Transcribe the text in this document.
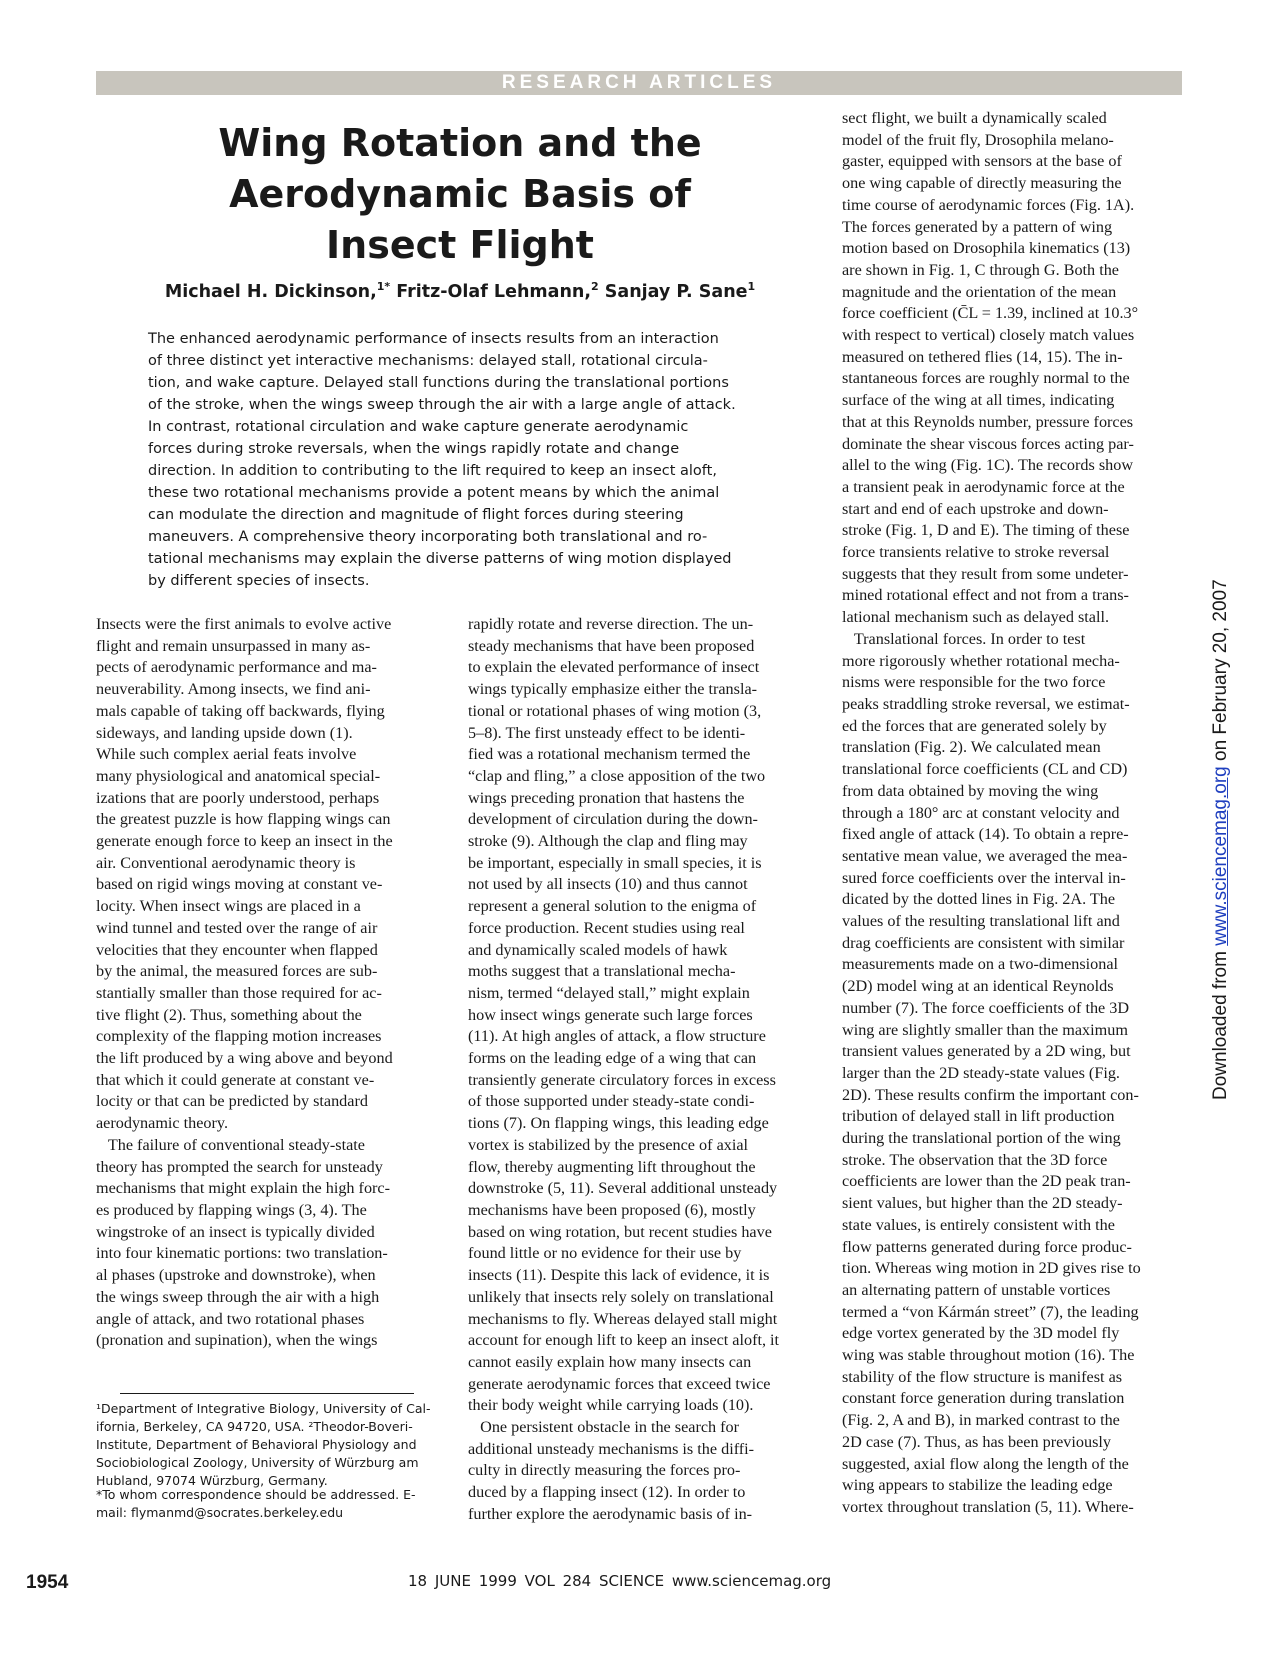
RESEARCH ARTICLES
Wing Rotation and the
Aerodynamic Basis of
Insect Flight
Michael H. Dickinson,$^{1*}$ Fritz-Olaf Lehmann,$^2$ Sanjay P. Sane$^1$
The enhanced aerodynamic performance of insects results from an interaction
of three distinct yet interactive mechanisms: delayed stall, rotational circula-
tion, and wake capture. Delayed stall functions during the translational portions
of the stroke, when the wings sweep through the air with a large angle of attack.
In contrast, rotational circulation and wake capture generate aerodynamic
forces during stroke reversals, when the wings rapidly rotate and change
direction. In addition to contributing to the lift required to keep an insect aloft,
these two rotational mechanisms provide a potent means by which the animal
can modulate the direction and magnitude of flight forces during steering
maneuvers. A comprehensive theory incorporating both translational and ro-
tational mechanisms may explain the diverse patterns of wing motion displayed
by different species of insects.
Insects were the first animals to evolve active
flight and remain unsurpassed in many as-
pects of aerodynamic performance and ma-
neuverability. Among insects, we find ani-
mals capable of taking off backwards, flying
sideways, and landing upside down (1).
While such complex aerial feats involve
many physiological and anatomical special-
izations that are poorly understood, perhaps
the greatest puzzle is how flapping wings can
generate enough force to keep an insect in the
air. Conventional aerodynamic theory is
based on rigid wings moving at constant ve-
locity. When insect wings are placed in a
wind tunnel and tested over the range of air
velocities that they encounter when flapped
by the animal, the measured forces are sub-
stantially smaller than those required for ac-
tive flight (2). Thus, something about the
complexity of the flapping motion increases
the lift produced by a wing above and beyond
that which it could generate at constant ve-
locity or that can be predicted by standard
aerodynamic theory.
The failure of conventional steady-state
theory has prompted the search for unsteady
mechanisms that might explain the high forc-
es produced by flapping wings (3, 4). The
wingstroke of an insect is typically divided
into four kinematic portions: two translation-
al phases (upstroke and downstroke), when
the wings sweep through the air with a high
angle of attack, and two rotational phases
(pronation and supination), when the wings
rapidly rotate and reverse direction. The un-
steady mechanisms that have been proposed
to explain the elevated performance of insect
wings typically emphasize either the transla-
tional or rotational phases of wing motion (3,
5–8). The first unsteady effect to be identi-
fied was a rotational mechanism termed the
“clap and fling,” a close apposition of the two
wings preceding pronation that hastens the
development of circulation during the down-
stroke (9). Although the clap and fling may
be important, especially in small species, it is
not used by all insects (10) and thus cannot
represent a general solution to the enigma of
force production. Recent studies using real
and dynamically scaled models of hawk
moths suggest that a translational mecha-
nism, termed “delayed stall,” might explain
how insect wings generate such large forces
(11). At high angles of attack, a flow structure
forms on the leading edge of a wing that can
transiently generate circulatory forces in excess
of those supported under steady-state condi-
tions (7). On flapping wings, this leading edge
vortex is stabilized by the presence of axial
flow, thereby augmenting lift throughout the
downstroke (5, 11). Several additional unsteady
mechanisms have been proposed (6), mostly
based on wing rotation, but recent studies have
found little or no evidence for their use by
insects (11). Despite this lack of evidence, it is
unlikely that insects rely solely on translational
mechanisms to fly. Whereas delayed stall might
account for enough lift to keep an insect aloft, it
cannot easily explain how many insects can
generate aerodynamic forces that exceed twice
their body weight while carrying loads (10).
One persistent obstacle in the search for
additional unsteady mechanisms is the diffi-
culty in directly measuring the forces pro-
duced by a flapping insect (12). In order to
further explore the aerodynamic basis of in-
sect flight, we built a dynamically scaled
model of the fruit fly, Drosophila melano-
gaster, equipped with sensors at the base of
one wing capable of directly measuring the
time course of aerodynamic forces (Fig. 1A).
The forces generated by a pattern of wing
motion based on Drosophila kinematics (13)
are shown in Fig. 1, C through G. Both the
magnitude and the orientation of the mean
force coefficient (C̄L = 1.39, inclined at 10.3°
with respect to vertical) closely match values
measured on tethered flies (14, 15). The in-
stantaneous forces are roughly normal to the
surface of the wing at all times, indicating
that at this Reynolds number, pressure forces
dominate the shear viscous forces acting par-
allel to the wing (Fig. 1C). The records show
a transient peak in aerodynamic force at the
start and end of each upstroke and down-
stroke (Fig. 1, D and E). The timing of these
force transients relative to stroke reversal
suggests that they result from some undeter-
mined rotational effect and not from a trans-
lational mechanism such as delayed stall.
Translational forces. In order to test
more rigorously whether rotational mecha-
nisms were responsible for the two force
peaks straddling stroke reversal, we estimat-
ed the forces that are generated solely by
translation (Fig. 2). We calculated mean
translational force coefficients (CL and CD)
from data obtained by moving the wing
through a 180° arc at constant velocity and
fixed angle of attack (14). To obtain a repre-
sentative mean value, we averaged the mea-
sured force coefficients over the interval in-
dicated by the dotted lines in Fig. 2A. The
values of the resulting translational lift and
drag coefficients are consistent with similar
measurements made on a two-dimensional
(2D) model wing at an identical Reynolds
number (7). The force coefficients of the 3D
wing are slightly smaller than the maximum
transient values generated by a 2D wing, but
larger than the 2D steady-state values (Fig.
2D). These results confirm the important con-
tribution of delayed stall in lift production
during the translational portion of the wing
stroke. The observation that the 3D force
coefficients are lower than the 2D peak tran-
sient values, but higher than the 2D steady-
state values, is entirely consistent with the
flow patterns generated during force produc-
tion. Whereas wing motion in 2D gives rise to
an alternating pattern of unstable vortices
termed a “von Kármán street” (7), the leading
edge vortex generated by the 3D model fly
wing was stable throughout motion (16). The
stability of the flow structure is manifest as
constant force generation during translation
(Fig. 2, A and B), in marked contrast to the
2D case (7). Thus, as has been previously
suggested, axial flow along the length of the
wing appears to stabilize the leading edge
vortex throughout translation (5, 11). Where-
¹Department of Integrative Biology, University of Cal-
ifornia, Berkeley, CA 94720, USA. ²Theodor-Boveri-
Institute, Department of Behavioral Physiology and
Sociobiological Zoology, University of Würzburg am
Hubland, 97074 Würzburg, Germany.
*To whom correspondence should be addressed. E-
mail: flymanmd@socrates.berkeley.edu
1954	18 JUNE 1999 VOL 284 SCIENCE www.sciencemag.org
Downloaded from www.sciencemag.org on February 20, 2007
